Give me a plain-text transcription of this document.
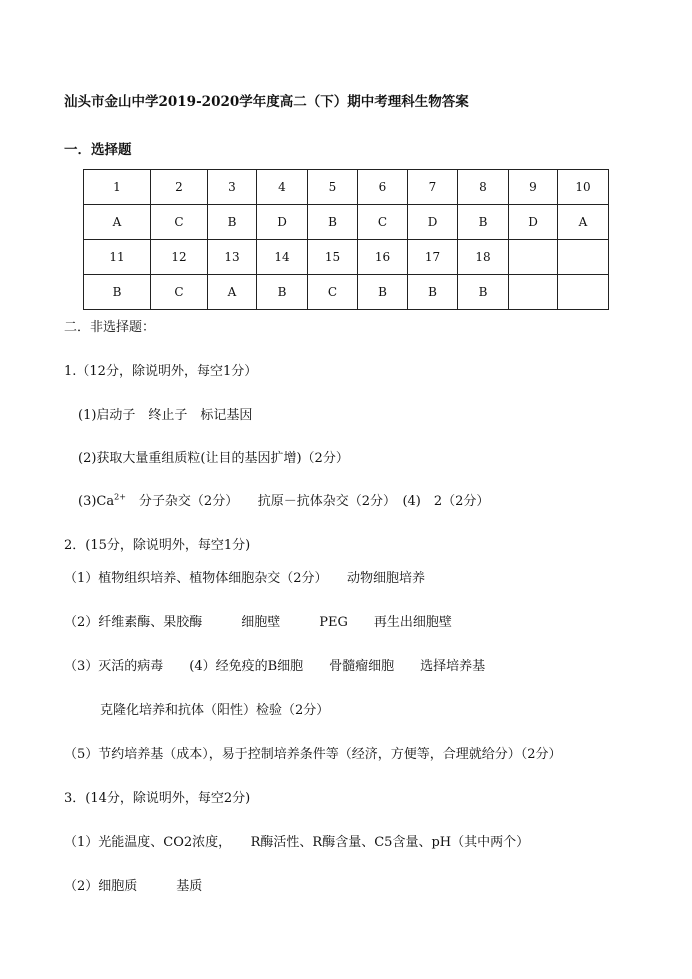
汕头市金山中学2019-2020学年度高二（下）期中考理科生物答案
一．选择题
1	2	3	4	5	6	7	8	9	10
A	C	B	D	B	C	D	B	D	A
11	12	13	14	15	16	17	18		
B	C	A	B	C	B	B	B		
二．非选择题：
1.（12分，除说明外，每空1分）
(1)启动子　终止子　标记基因
(2)获取大量重组质粒(让目的基因扩增)（2分）
$(3)Ca^{2+}$　分子杂交（2分）　　抗原－抗体杂交（2分）　(4)　2（2分）
2．(15分，除说明外，每空1分)
（1）植物组织培养、植物体细胞杂交（2分）　　动物细胞培养
（2）纤维素酶、果胶酶　　　细胞壁　　　PEG　　再生出细胞壁
（3）灭活的病毒　　(4）经免疫的B细胞　　骨髓瘤细胞　　选择培养基
克隆化培养和抗体（阳性）检验（2分）
（5）节约培养基（成本），易于控制培养条件等（经济，方便等，合理就给分）（2分）
3．(14分，除说明外，每空2分)
（1）光能温度、CO2浓度，　　R酶活性、R酶含量、C5含量、pH（其中两个）
（2）细胞质　　　基质
